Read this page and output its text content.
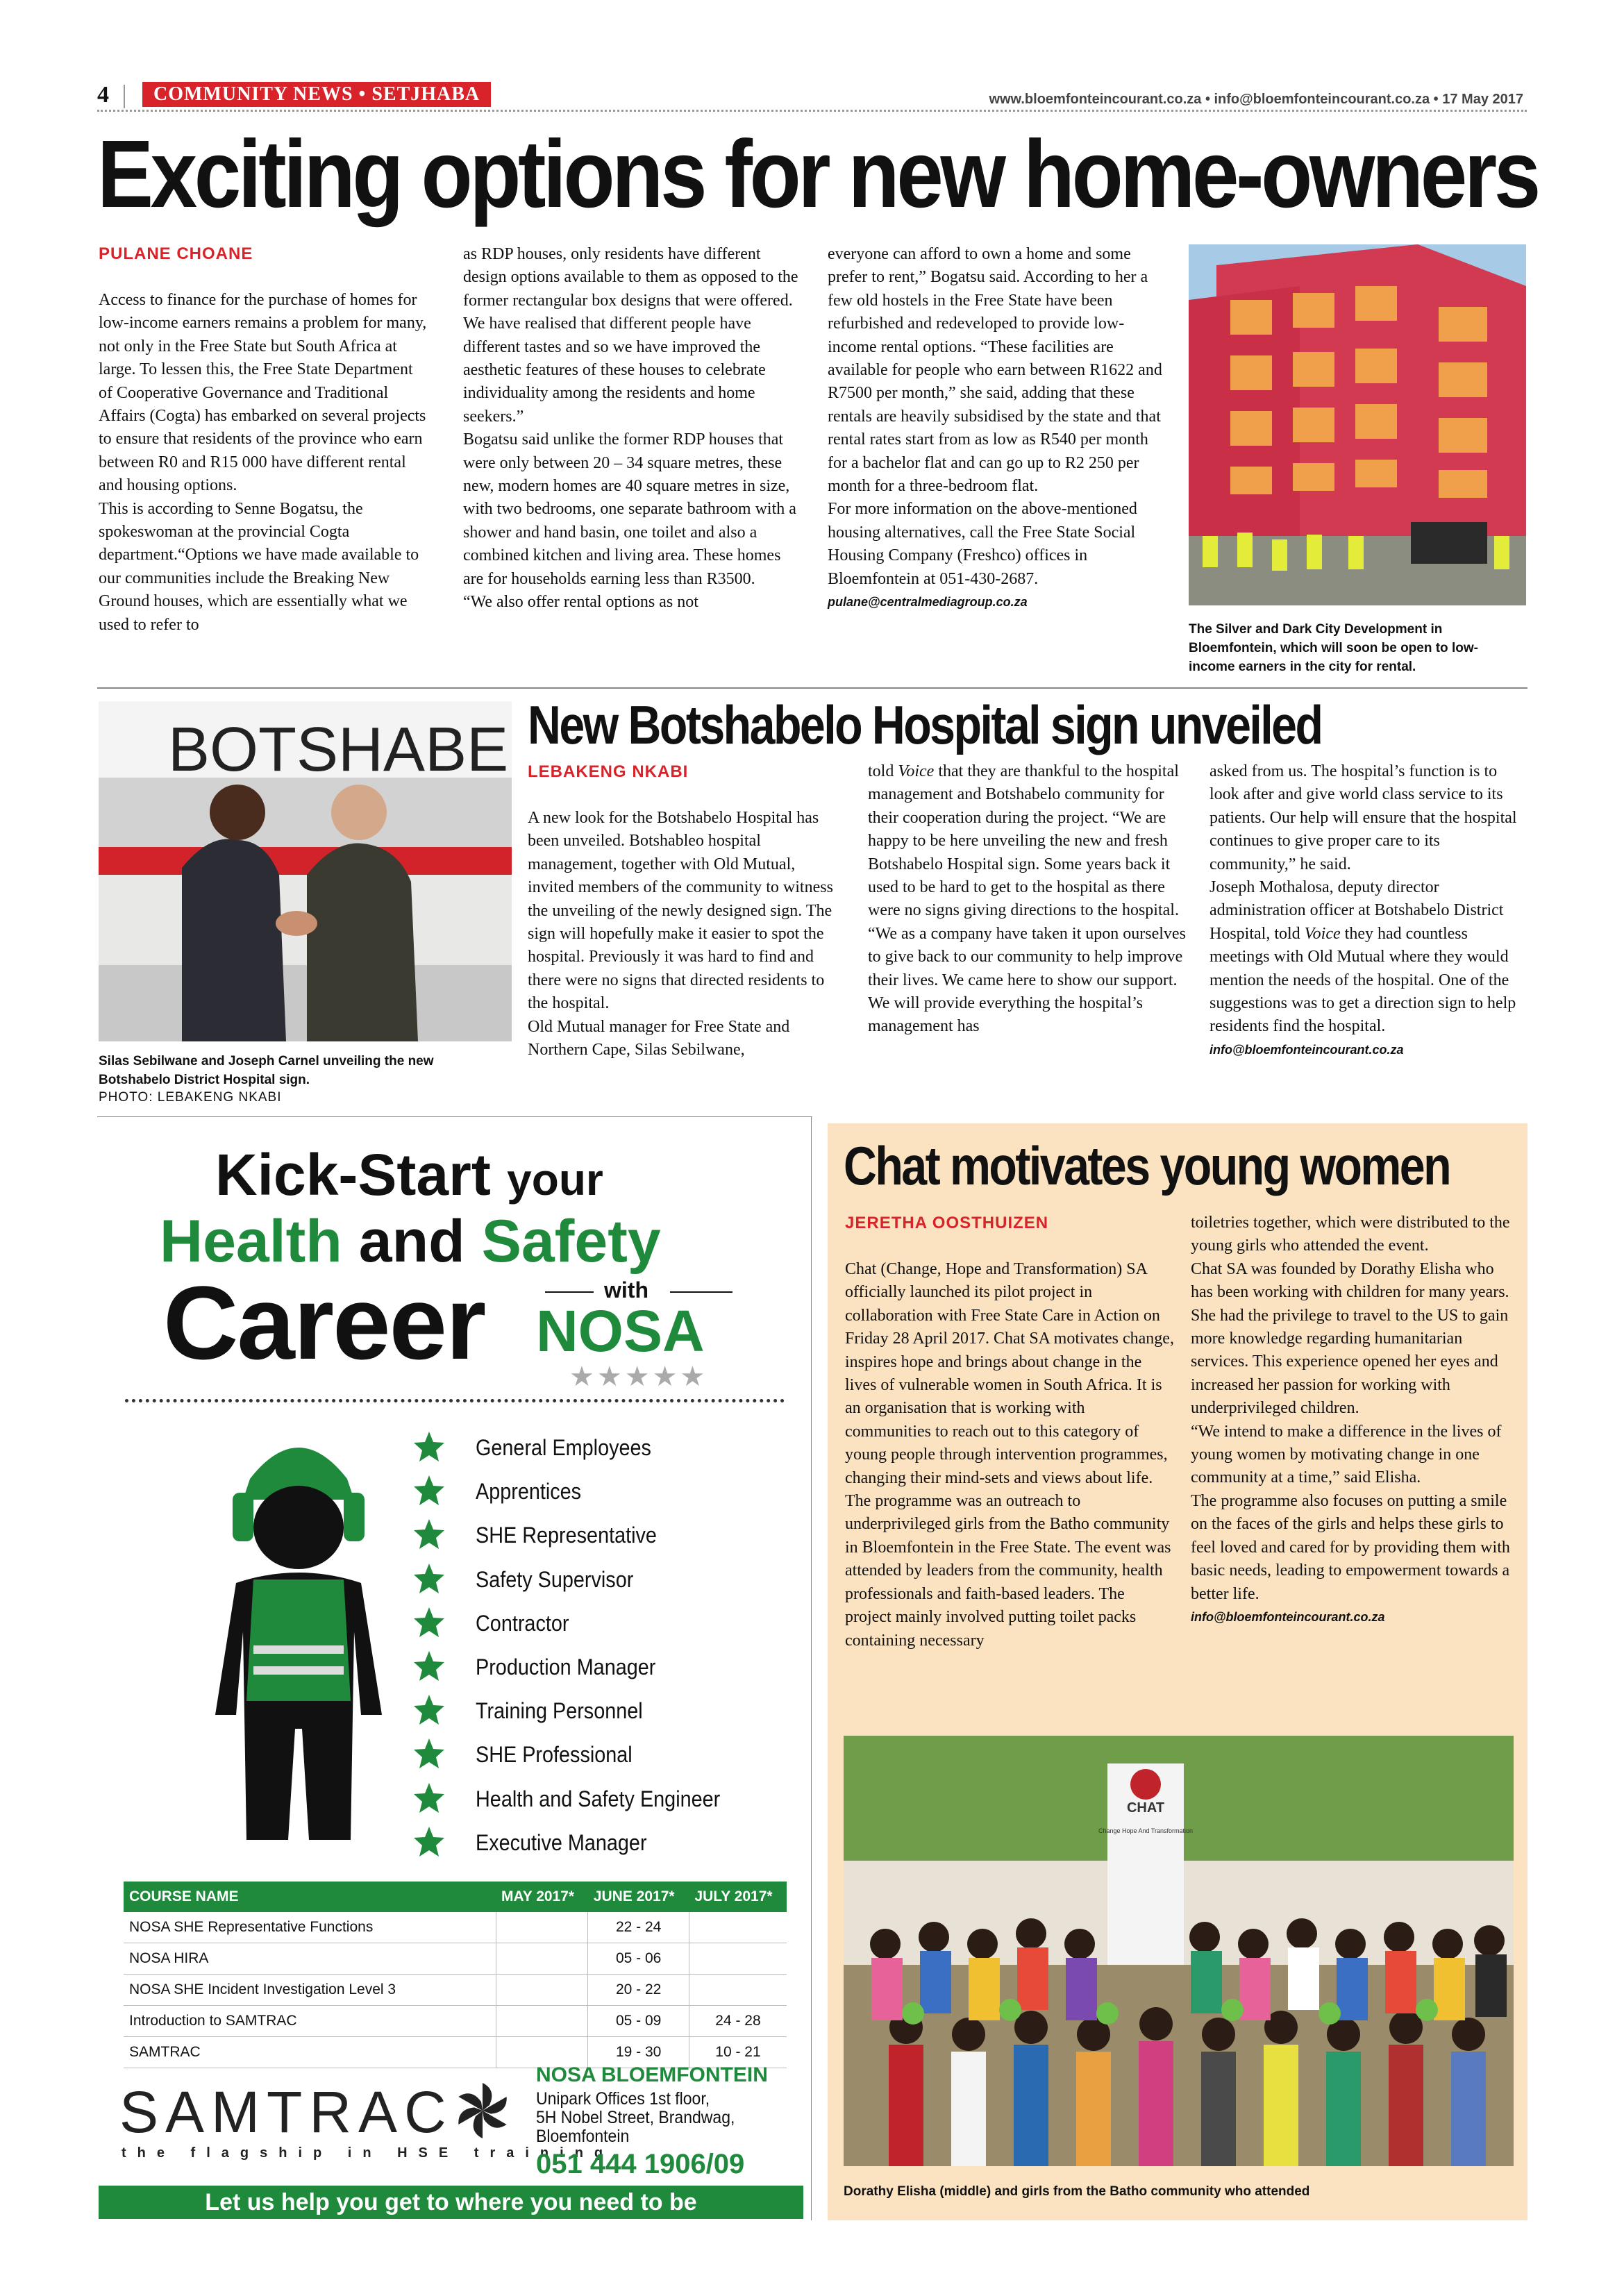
4	COMMUNITY NEWS • SETJHABA	www.bloemfonteincourant.co.za • info@bloemfonteincourant.co.za • 17 May 2017
Exciting options for new home-owners
PULANE CHOANE

Access to finance for the purchase of homes for low-income earners remains a problem for many, not only in the Free State but South Africa at large. To lessen this, the Free State Department of Cooperative Governance and Traditional Affairs (Cogta) has embarked on several projects to ensure that residents of the province who earn between R0 and R15 000 have different rental and housing options.

This is according to Senne Bogatsu, the spokeswoman at the provincial Cogta department.“Options we have made available to our communities include the Breaking New Ground houses, which are essentially what we used to refer to

as RDP houses, only residents have different design options available to them as opposed to the former rectangular box designs that were offered. We have realised that different people have different tastes and so we have improved the aesthetic features of these houses to celebrate individuality among the residents and home seekers.”

Bogatsu said unlike the former RDP houses that were only between 20 – 34 square metres, these new, modern homes are 40 square metres in size, with two bedrooms, one separate bathroom with a shower and hand basin, one toilet and also a combined kitchen and living area. These homes are for households earning less than R3500.

“We also offer rental options as not

everyone can afford to own a home and some prefer to rent,” Bogatsu said. According to her a few old hostels in the Free State have been refurbished and redeveloped to provide low-income rental options. “These facilities are available for people who earn between R1622 and R7500 per month,” she said, adding that these rentals are heavily subsidised by the state and that rental rates start from as low as R540 per month for a bachelor flat and can go up to R2 250 per month for a three-bedroom flat.

For more information on the above-mentioned housing alternatives, call the Free State Social Housing Company (Freshco) offices in Bloemfontein at 051-430-2687.

pulane@centralmediagroup.co.za

The Silver and Dark City Development in Bloemfontein, which will soon be open to low-income earners in the city for rental.
BOTSHABE
Silas Sebilwane and Joseph Carnel unveiling the new Botshabelo District Hospital sign.
PHOTO: LEBAKENG NKABI
New Botshabelo Hospital sign unveiled
LEBAKENG NKABI

A new look for the Botshabelo Hospital has been unveiled. Botshableo hospital management, together with Old Mutual, invited members of the community to witness the unveiling of the newly designed sign. The sign will hopefully make it easier to spot the hospital. Previously it was hard to find and there were no signs that directed residents to the hospital.

Old Mutual manager for Free State and Northern Cape, Silas Sebilwane,

told Voice that they are thankful to the hospital management and Botshabelo community for their cooperation during the project. “We are happy to be here unveiling the new and fresh Botshabelo Hospital sign. Some years back it used to be hard to get to the hospital as there were no signs giving directions to the hospital.

“We as a company have taken it upon ourselves to give back to our community to help improve their lives. We came here to show our support. We will provide everything the hospital’s management has

asked from us. The hospital’s function is to look after and give world class service to its patients. Our help will ensure that the hospital continues to give proper care to its community,” he said.

Joseph Mothalosa, deputy director administration officer at Botshabelo District Hospital, told Voice they had countless meetings with Old Mutual where they would mention the needs of the hospital. One of the suggestions was to get a direction sign to help residents find the hospital.

info@bloemfonteincourant.co.za

Kick-Start your
Health and Safety
Career	with
NOSA
★★★★★
General Employees
Apprentices
SHE Representative
Safety Supervisor
Contractor
Production Manager
Training Personnel
SHE Professional
Health and Safety Engineer
Executive Manager
COURSE NAME	MAY 2017*	JUNE 2017*	JULY 2017*
NOSA SHE Representative Functions		22 - 24	
NOSA HIRA		05 - 06	
NOSA SHE Incident Investigation Level 3		20 - 22	
Introduction to SAMTRAC		05 - 09	24 - 28
SAMTRAC		19 - 30	10 - 21
SAMTRAC
the flagship in HSE training
NOSA BLOEMFONTEIN
Unipark Offices 1st floor,
5H Nobel Street, Brandwag,
Bloemfontein
051 444 1906/09
Let us help you get to where you need to be
Chat motivates young women
JERETHA OOSTHUIZEN

Chat (Change, Hope and Transformation) SA officially launched its pilot project in collaboration with Free State Care in Action on Friday 28 April 2017. Chat SA motivates change, inspires hope and brings about change in the lives of vulnerable women in South Africa. It is an organisation that is working with communities to reach out to this category of young people through intervention programmes, changing their mind-sets and views about life.

The programme was an outreach to underprivileged girls from the Batho community in Bloemfontein in the Free State. The event was attended by leaders from the community, health professionals and faith-based leaders. The project mainly involved putting toilet packs containing necessary

toiletries together, which were distributed to the young girls who attended the event.

Chat SA was founded by Dorathy Elisha who has been working with children for many years. She had the privilege to travel to the US to gain more knowledge regarding humanitarian services. This experience opened her eyes and increased her passion for working with underprivileged children.

“We intend to make a difference in the lives of young women by motivating change in one community at a time,” said Elisha.

The programme also focuses on putting a smile on the faces of the girls and helps these girls to feel loved and cared for by providing them with basic needs, leading to empowerment towards a better life.

info@bloemfonteincourant.co.za

CHAT
Change Hope And Transformation
Dorathy Elisha (middle) and girls from the Batho community who attended
